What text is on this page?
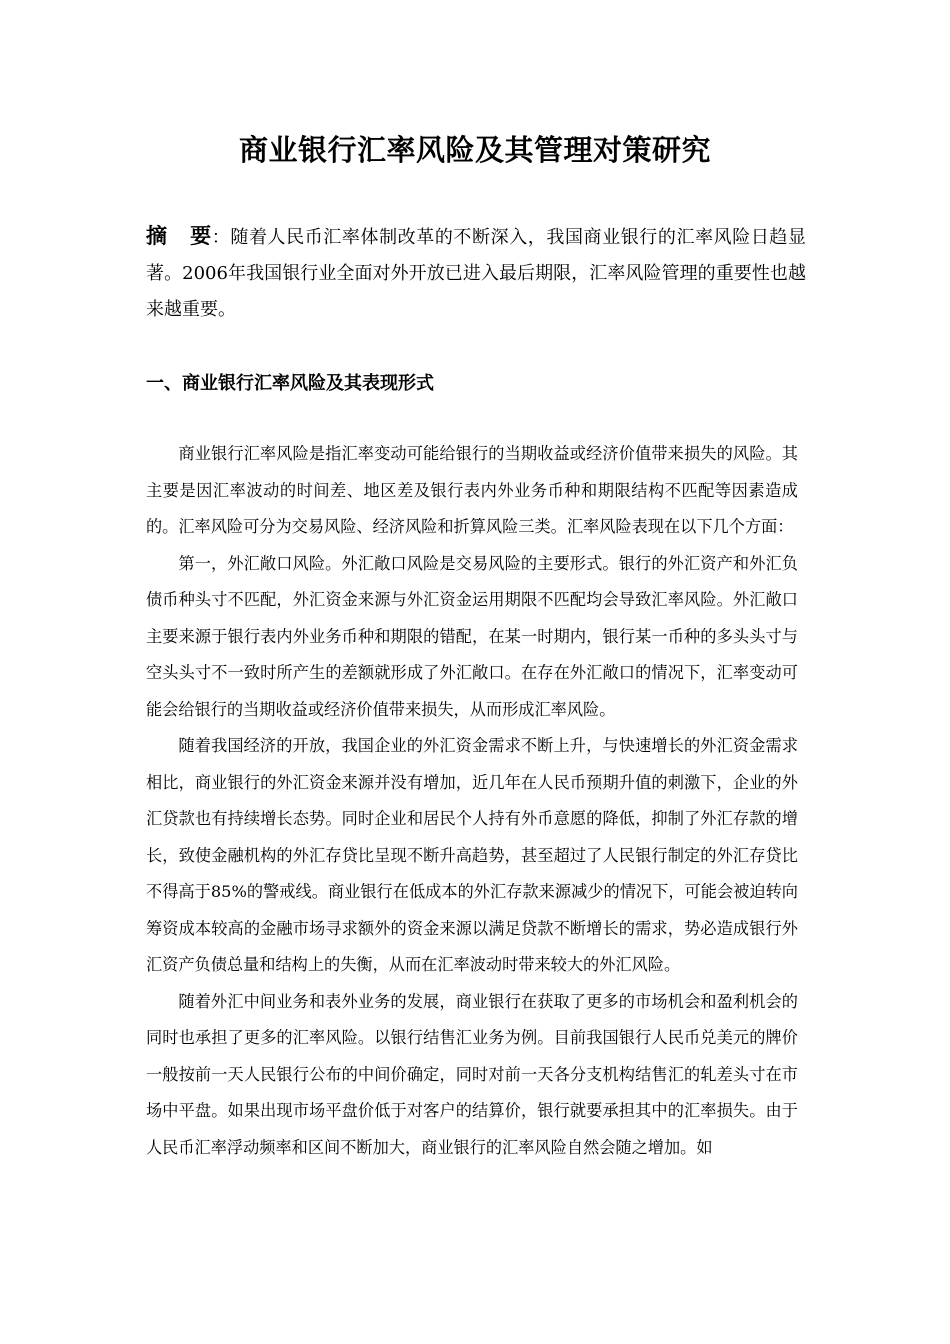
商业银行汇率风险及其管理对策研究
摘 要：随着人民币汇率体制改革的不断深入，我国商业银行的汇率风险日趋显著。2006年我国银行业全面对外开放已进入最后期限，汇率风险管理的重要性也越来越重要。
一、商业银行汇率风险及其表现形式

商业银行汇率风险是指汇率变动可能给银行的当期收益或经济价值带来损失的风险。其主要是因汇率波动的时间差、地区差及银行表内外业务币种和期限结构不匹配等因素造成的。汇率风险可分为交易风险、经济风险和折算风险三类。汇率风险表现在以下几个方面：

第一，外汇敞口风险。外汇敞口风险是交易风险的主要形式。银行的外汇资产和外汇负债币种头寸不匹配，外汇资金来源与外汇资金运用期限不匹配均会导致汇率风险。外汇敞口主要来源于银行表内外业务币种和期限的错配，在某一时期内，银行某一币种的多头头寸与空头头寸不一致时所产生的差额就形成了外汇敞口。在存在外汇敞口的情况下，汇率变动可能会给银行的当期收益或经济价值带来损失，从而形成汇率风险。

随着我国经济的开放，我国企业的外汇资金需求不断上升，与快速增长的外汇资金需求相比，商业银行的外汇资金来源并没有增加，近几年在人民币预期升值的刺激下，企业的外汇贷款也有持续增长态势。同时企业和居民个人持有外币意愿的降低，抑制了外汇存款的增长，致使金融机构的外汇存贷比呈现不断升高趋势，甚至超过了人民银行制定的外汇存贷比不得高于85%的警戒线。商业银行在低成本的外汇存款来源减少的情况下，可能会被迫转向筹资成本较高的金融市场寻求额外的资金来源以满足贷款不断增长的需求，势必造成银行外汇资产负债总量和结构上的失衡，从而在汇率波动时带来较大的外汇风险。

随着外汇中间业务和表外业务的发展，商业银行在获取了更多的市场机会和盈利机会的同时也承担了更多的汇率风险。以银行结售汇业务为例。目前我国银行人民币兑美元的牌价一般按前一天人民银行公布的中间价确定，同时对前一天各分支机构结售汇的轧差头寸在市场中平盘。如果出现市场平盘价低于对客户的结算价，银行就要承担其中的汇率损失。由于人民币汇率浮动频率和区间不断加大，商业银行的汇率风险自然会随之增加。如
